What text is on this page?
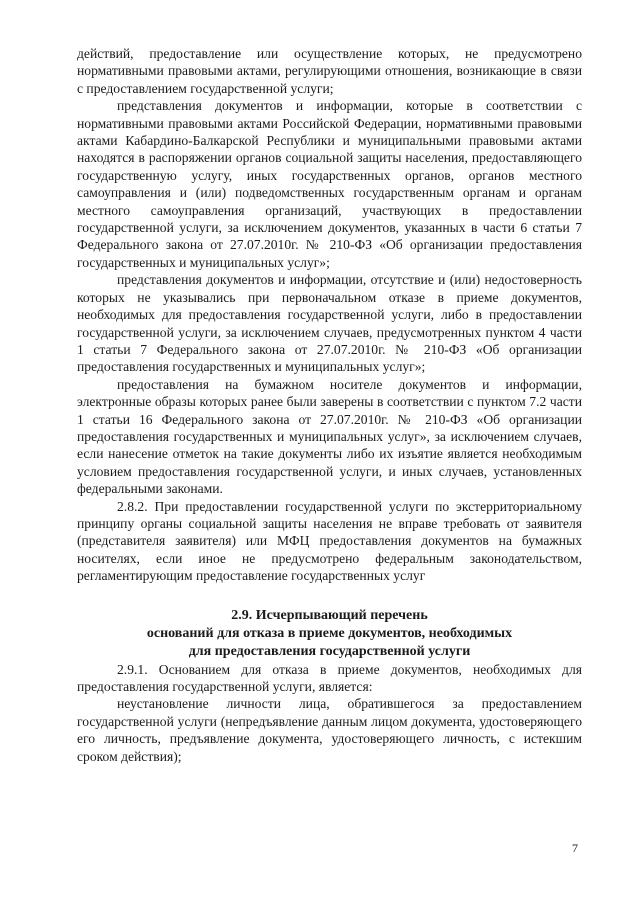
действий, предоставление или осуществление которых, не предусмотрено нормативными правовыми актами, регулирующими отношения, возникающие в связи с предоставлением государственной услуги;

представления документов и информации, которые в соответствии с нормативными правовыми актами Российской Федерации, нормативными правовыми актами Кабардино-Балкарской Республики и муниципальными правовыми актами находятся в распоряжении органов социальной защиты населения, предоставляющего государственную услугу, иных государственных органов, органов местного самоуправления и (или) подведомственных государственным органам и органам местного самоуправления организаций, участвующих в предоставлении государственной услуги, за исключением документов, указанных в части 6 статьи 7 Федерального закона от 27.07.2010г. № 210-ФЗ «Об организации предоставления государственных и муниципальных услуг»;

представления документов и информации, отсутствие и (или) недостоверность которых не указывались при первоначальном отказе в приеме документов, необходимых для предоставления государственной услуги, либо в предоставлении государственной услуги, за исключением случаев, предусмотренных пунктом 4 части 1 статьи 7 Федерального закона от 27.07.2010г. № 210-ФЗ «Об организации предоставления государственных и муниципальных услуг»;

предоставления на бумажном носителе документов и информации, электронные образы которых ранее были заверены в соответствии с пунктом 7.2 части 1 статьи 16 Федерального закона от 27.07.2010г. № 210-ФЗ «Об организации предоставления государственных и муниципальных услуг», за исключением случаев, если нанесение отметок на такие документы либо их изъятие является необходимым условием предоставления государственной услуги, и иных случаев, установленных федеральными законами.

2.8.2. При предоставлении государственной услуги по экстерриториальному принципу органы социальной защиты населения не вправе требовать от заявителя (представителя заявителя) или МФЦ предоставления документов на бумажных носителях, если иное не предусмотрено федеральным законодательством, регламентирующим предоставление государственных услуг

2.9. Исчерпывающий перечень
оснований для отказа в приеме документов, необходимых
для предоставления государственной услуги

2.9.1. Основанием для отказа в приеме документов, необходимых для предоставления государственной услуги, является:

неустановление личности лица, обратившегося за предоставлением государственной услуги (непредъявление данным лицом документа, удостоверяющего его личность, предъявление документа, удостоверяющего личность, с истекшим сроком действия);

7
